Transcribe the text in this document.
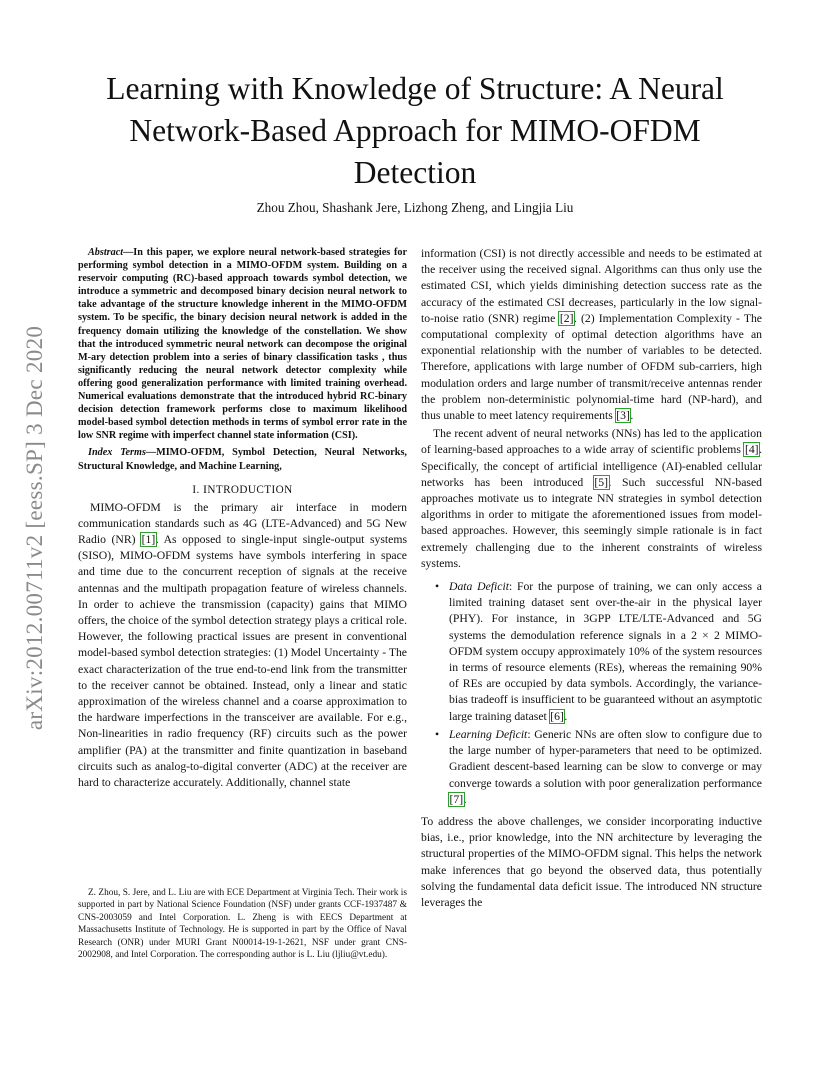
arXiv:2012.00711v2 [eess.SP] 3 Dec 2020
Learning with Knowledge of Structure: A Neural Network-Based Approach for MIMO-OFDM Detection
Zhou Zhou, Shashank Jere, Lizhong Zheng, and Lingjia Liu

Abstract—In this paper, we explore neural network-based strategies for performing symbol detection in a MIMO-OFDM system. Building on a reservoir computing (RC)-based approach towards symbol detection, we introduce a symmetric and decomposed binary decision neural network to take advantage of the structure knowledge inherent in the MIMO-OFDM system. To be specific, the binary decision neural network is added in the frequency domain utilizing the knowledge of the constellation. We show that the introduced symmetric neural network can decompose the original M-ary detection problem into a series of binary classification tasks , thus significantly reducing the neural network detector complexity while offering good generalization performance with limited training overhead. Numerical evaluations demonstrate that the introduced hybrid RC-binary decision detection framework performs close to maximum likelihood model-based symbol detection methods in terms of symbol error rate in the low SNR regime with imperfect channel state information (CSI).

Index Terms—MIMO-OFDM, Symbol Detection, Neural Networks, Structural Knowledge, and Machine Learning,

I. INTRODUCTION

MIMO-OFDM is the primary air interface in modern communication standards such as 4G (LTE-Advanced) and 5G New Radio (NR) [1]. As opposed to single-input single-output systems (SISO), MIMO-OFDM systems have symbols interfering in space and time due to the concurrent reception of signals at the receive antennas and the multipath propagation feature of wireless channels. In order to achieve the transmission (capacity) gains that MIMO offers, the choice of the symbol detection strategy plays a critical role. However, the following practical issues are present in conventional model-based symbol detection strategies: (1) Model Uncertainty - The exact characterization of the true end-to-end link from the transmitter to the receiver cannot be obtained. Instead, only a linear and static approximation of the wireless channel and a coarse approximation to the hardware imperfections in the transceiver are available. For e.g., Non-linearities in radio frequency (RF) circuits such as the power amplifier (PA) at the transmitter and finite quantization in baseband circuits such as analog-to-digital converter (ADC) at the receiver are hard to characterize accurately. Additionally, channel state

Z. Zhou, S. Jere, and L. Liu are with ECE Department at Virginia Tech. Their work is supported in part by National Science Foundation (NSF) under grants CCF-1937487 & CNS-2003059 and Intel Corporation. L. Zheng is with EECS Department at Massachusetts Institute of Technology. He is supported in part by the Office of Naval Research (ONR) under MURI Grant N00014-19-1-2621, NSF under grant CNS-2002908, and Intel Corporation. The corresponding author is L. Liu (ljliu@vt.edu).

information (CSI) is not directly accessible and needs to be estimated at the receiver using the received signal. Algorithms can thus only use the estimated CSI, which yields diminishing detection success rate as the accuracy of the estimated CSI decreases, particularly in the low signal-to-noise ratio (SNR) regime [2]. (2) Implementation Complexity - The computational complexity of optimal detection algorithms have an exponential relationship with the number of variables to be detected. Therefore, applications with large number of OFDM sub-carriers, high modulation orders and large number of transmit/receive antennas render the problem non-deterministic polynomial-time hard (NP-hard), and thus unable to meet latency requirements [3].

The recent advent of neural networks (NNs) has led to the application of learning-based approaches to a wide array of scientific problems [4]. Specifically, the concept of artificial intelligence (AI)-enabled cellular networks has been introduced [5]. Such successful NN-based approaches motivate us to integrate NN strategies in symbol detection algorithms in order to mitigate the aforementioned issues from model-based approaches. However, this seemingly simple rationale is in fact extremely challenging due to the inherent constraints of wireless systems.

• Data Deficit: For the purpose of training, we can only access a limited training dataset sent over-the-air in the physical layer (PHY). For instance, in 3GPP LTE/LTE-Advanced and 5G systems the demodulation reference signals in a 2 × 2 MIMO-OFDM system occupy approximately 10% of the system resources in terms of resource elements (REs), whereas the remaining 90% of REs are occupied by data symbols. Accordingly, the variance-bias tradeoff is insufficient to be guaranteed without an asymptotic large training dataset [6].
• Learning Deficit: Generic NNs are often slow to configure due to the large number of hyper-parameters that need to be optimized. Gradient descent-based learning can be slow to converge or may converge towards a solution with poor generalization performance [7].

To address the above challenges, we consider incorporating inductive bias, i.e., prior knowledge, into the NN architecture by leveraging the structural properties of the MIMO-OFDM signal. This helps the network make inferences that go beyond the observed data, thus potentially solving the fundamental data deficit issue. The introduced NN structure leverages the
